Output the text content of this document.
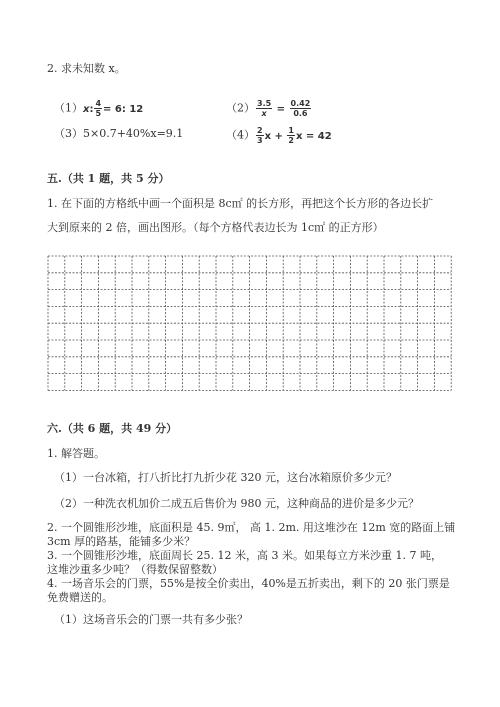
2. 求未知数 x。
（1）x: $\frac{4}{5} = 6$: 12	$(2) \frac{3.5}{x} = \frac{0.42}{0.6}$
（3）5×0.7+40%x=9.1	$(4) \frac{2}{3}$ $x + \frac{1}{2}$ x = 42
五.（共 1 题，共 5 分）
1. 在下面的方格纸中画一个面积是 8c㎡ 的长方形，再把这个长方形的各边长扩
大到原来的 2 倍，画出图形。（每个方格代表边长为 1c㎡ 的正方形）
六.（共 6 题，共 49 分）
1. 解答题。
（1）一台冰箱，打八折比打九折少花 320 元，这台冰箱原价多少元？
（2）一种洗衣机加价二成五后售价为 980 元，这种商品的进价是多少元？
2. 一个圆锥形沙堆，底面积是 45. 9㎡， 高 1. 2m. 用这堆沙在 12m 宽的路面上铺
3cm 厚的路基，能铺多少米？
3. 一个圆锥形沙堆，底面周长 25. 12 米，高 3 米。如果每立方米沙重 1. 7 吨，
这堆沙重多少吨？（得数保留整数）
4. 一场音乐会的门票，55%是按全价卖出，40%是五折卖出，剩下的 20 张门票是
免费赠送的。
（1）这场音乐会的门票一共有多少张？
